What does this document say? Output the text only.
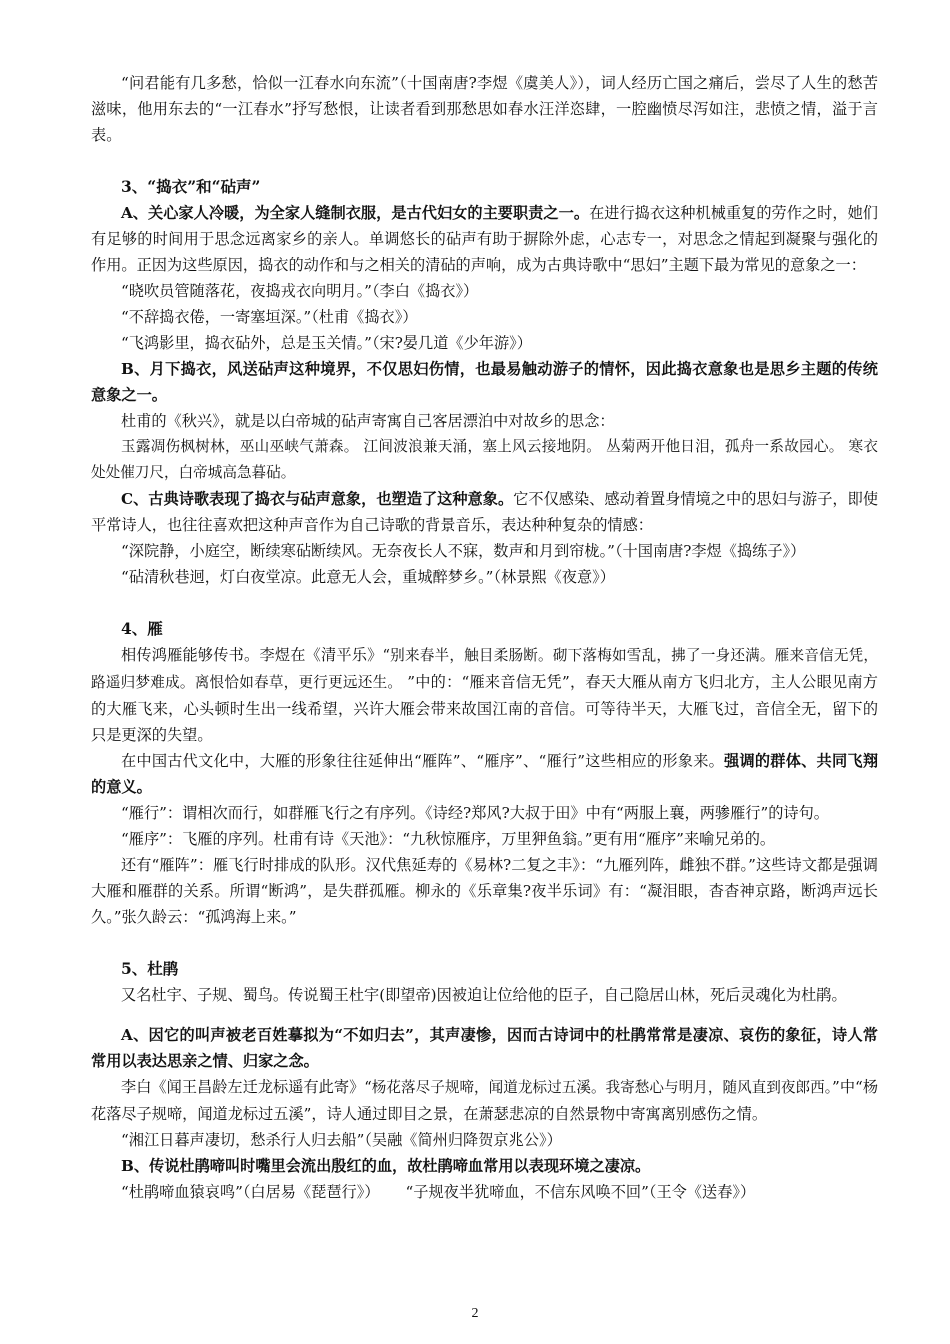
“问君能有几多愁，恰似一江春水向东流”（十国南唐?李煜《虞美人》），词人经历亡国之痛后，尝尽了人生的愁苦滋味，他用东去的“一江春水”抒写愁恨，让读者看到那愁思如春水汪洋恣肆，一腔幽愤尽泻如注，悲愤之情，溢于言表。

3、“捣衣”和“砧声”

A、关心家人冷暖，为全家人缝制衣服，是古代妇女的主要职责之一。在进行捣衣这种机械重复的劳作之时，她们有足够的时间用于思念远离家乡的亲人。单调悠长的砧声有助于摒除外虑，心志专一，对思念之情起到凝聚与强化的作用。正因为这些原因，捣衣的动作和与之相关的清砧的声响，成为古典诗歌中“思妇”主题下最为常见的意象之一：

“晓吹员管随落花，夜捣戎衣向明月。”（李白《捣衣》）

“不辞捣衣倦，一寄塞垣深。”（杜甫《捣衣》）

“飞鸿影里，捣衣砧外，总是玉关情。”（宋?晏几道《少年游》）

B、月下捣衣，风送砧声这种境界，不仅思妇伤情，也最易触动游子的情怀，因此捣衣意象也是思乡主题的传统意象之一。

杜甫的《秋兴》，就是以白帝城的砧声寄寓自己客居漂泊中对故乡的思念：

玉露凋伤枫树林，巫山巫峡气萧森。 江间波浪兼天涌，塞上风云接地阴。 丛菊两开他日泪，孤舟一系故园心。 寒衣处处催刀尺，白帝城高急暮砧。

C、古典诗歌表现了捣衣与砧声意象，也塑造了这种意象。它不仅感染、感动着置身情境之中的思妇与游子，即使平常诗人，也往往喜欢把这种声音作为自己诗歌的背景音乐，表达种种复杂的情感：

“深院静，小庭空，断续寒砧断续风。无奈夜长人不寐，数声和月到帘栊。”（十国南唐?李煜《捣练子》）

“砧清秋巷迥，灯白夜堂凉。此意无人会，重城醉梦乡。”（林景熙《夜意》）

4、雁

相传鸿雁能够传书。李煜在《清平乐》“别来春半，触目柔肠断。砌下落梅如雪乱，拂了一身还满。雁来音信无凭，路遥归梦难成。离恨恰如春草，更行更远还生。 ”中的：“雁来音信无凭”，春天大雁从南方飞归北方，主人公眼见南方的大雁飞来，心头顿时生出一线希望，兴许大雁会带来故国江南的音信。可等待半天，大雁飞过，音信全无，留下的只是更深的失望。

在中国古代文化中，大雁的形象往往延伸出“雁阵”、“雁序”、“雁行”这些相应的形象来。强调的群体、共同飞翔的意义。

“雁行”：谓相次而行，如群雁飞行之有序列。《诗经?郑风?大叔于田》中有“两服上襄，两骖雁行”的诗句。

“雁序”：飞雁的序列。杜甫有诗《天池》：“九秋惊雁序，万里狎鱼翁。”更有用“雁序”来喻兄弟的。

还有“雁阵”：雁飞行时排成的队形。汉代焦延寿的《易林?二复之丰》：“九雁列阵，雌独不群。”这些诗文都是强调大雁和雁群的关系。所谓“断鸿”，是失群孤雁。柳永的《乐章集?夜半乐词》有：“凝泪眼，杳杳神京路，断鸿声远长久。”张久龄云：“孤鸿海上来。”

5、杜鹃

又名杜宇、子规、蜀鸟。传说蜀王杜宇(即望帝)因被迫让位给他的臣子，自己隐居山林，死后灵魂化为杜鹃。

A、因它的叫声被老百姓摹拟为“不如归去”，其声凄惨，因而古诗词中的杜鹃常常是凄凉、哀伤的象征，诗人常常用以表达思亲之情、归家之念。

李白《闻王昌龄左迁龙标遥有此寄》“杨花落尽子规啼，闻道龙标过五溪。我寄愁心与明月，随风直到夜郎西。”中“杨花落尽子规啼，闻道龙标过五溪”，诗人通过即目之景，在萧瑟悲凉的自然景物中寄寓离别感伤之情。

“湘江日暮声凄切，愁杀行人归去船”（吴融《简州归降贺京兆公》）

B、传说杜鹃啼叫时嘴里会流出殷红的血，故杜鹃啼血常用以表现环境之凄凉。

“杜鹃啼血猿哀鸣”（白居易《琵琶行》） “子规夜半犹啼血，不信东风唤不回”（王令《送春》）

2
